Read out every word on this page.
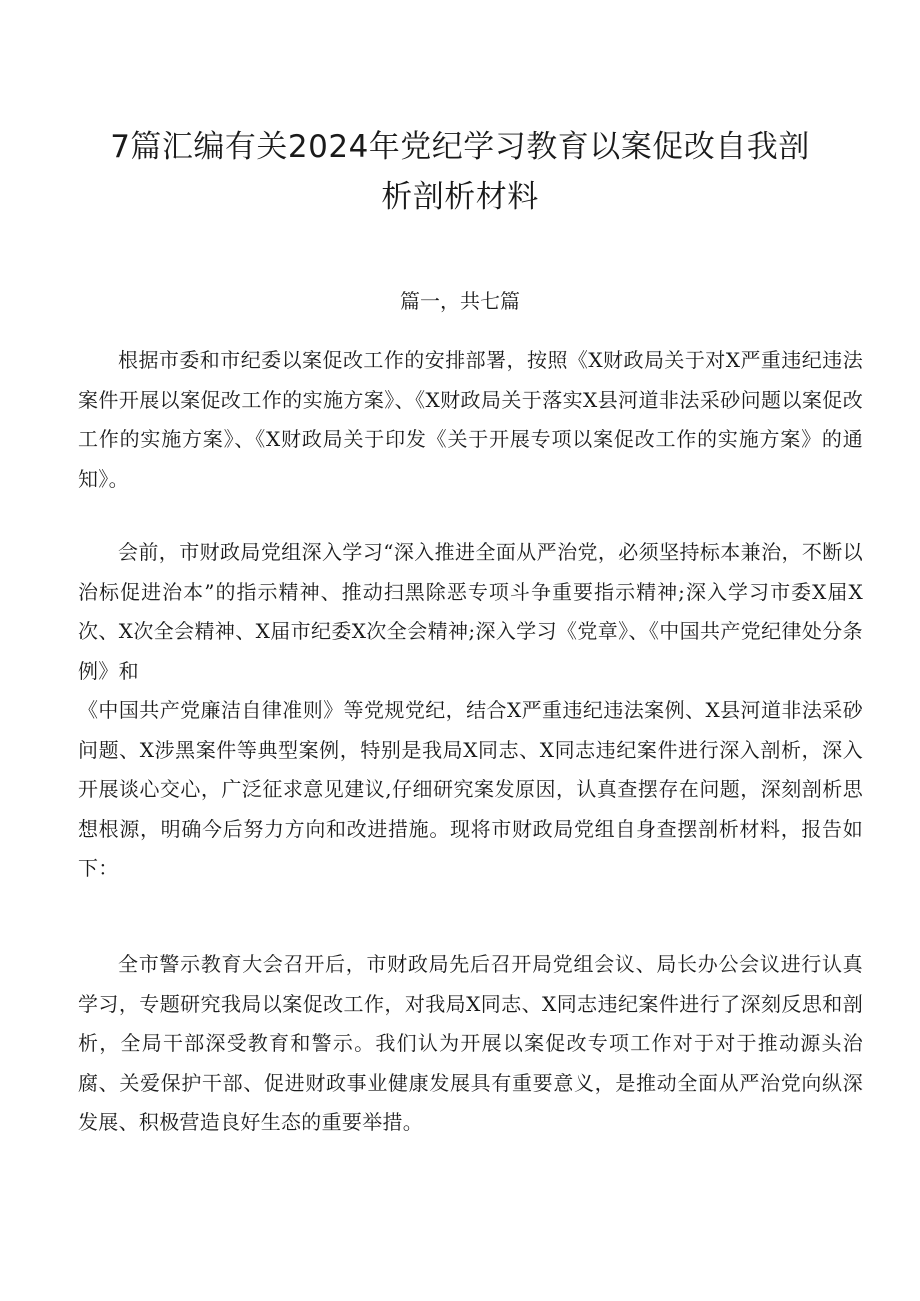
7篇汇编有关2024年党纪学习教育以案促改自我剖
析剖析材料
篇一，共七篇

根据市委和市纪委以案促改工作的安排部署，按照《X财政局关于对X严重违纪违法案件开展以案促改工作的实施方案》、《X财政局关于落实X县河道非法采砂问题以案促改工作的实施方案》、《X财政局关于印发《关于开展专项以案促改工作的实施方案》的通知》。

会前，市财政局党组深入学习“深入推进全面从严治党，必须坚持标本兼治，不断以治标促进治本”的指示精神、推动扫黑除恶专项斗争重要指示精神;深入学习市委X届X次、X次全会精神、X届市纪委X次全会精神;深入学习《党章》、《中国共产党纪律处分条例》和

《中国共产党廉洁自律准则》等党规党纪，结合X严重违纪违法案例、X县河道非法采砂问题、X涉黑案件等典型案例，特别是我局X同志、X同志违纪案件进行深入剖析，深入开展谈心交心，广泛征求意见建议,仔细研究案发原因，认真查摆存在问题，深刻剖析思想根源，明确今后努力方向和改进措施。现将市财政局党组自身查摆剖析材料，报告如下：

全市警示教育大会召开后，市财政局先后召开局党组会议、局长办公会议进行认真学习，专题研究我局以案促改工作，对我局X同志、X同志违纪案件进行了深刻反思和剖析，全局干部深受教育和警示。我们认为开展以案促改专项工作对于对于推动源头治腐、关爱保护干部、促进财政事业健康发展具有重要意义，是推动全面从严治党向纵深发展、积极营造良好生态的重要举措。
